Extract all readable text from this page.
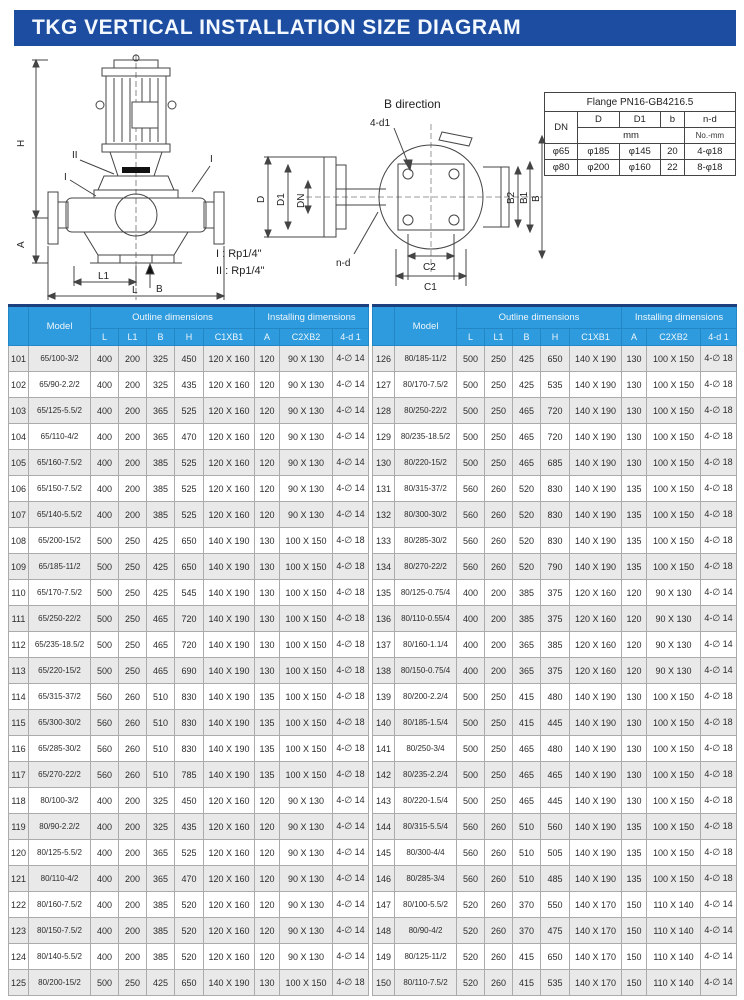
TKG VERTICAL INSTALLATION SIZE DIAGRAM
H
A
L1
B
L
II
I
I
B direction
D D1 DN
4-d1
n-d	C2
C1
B2 B1 B
I : Rp1/4"
II : Rp1/4"
Flange PN16-GB4216.5				
DN	D	D1	b	n-d
	mm			No.-mm
φ65	φ185	φ145	20	4-φ18
φ80	φ200	φ160	22	8-φ18
	Model	Outline dimensions					Installing dimensions		
		L	L1	B	H	C1XB1	A	C2XB2	4-d 1
101	65/100-3/2	400	200	325	450	120 X 160	120	90 X 130	4-∅ 14
102	65/90-2.2/2	400	200	325	435	120 X 160	120	90 X 130	4-∅ 14
103	65/125-5.5/2	400	200	365	525	120 X 160	120	90 X 130	4-∅ 14
104	65/110-4/2	400	200	365	470	120 X 160	120	90 X 130	4-∅ 14
105	65/160-7.5/2	400	200	385	525	120 X 160	120	90 X 130	4-∅ 14
106	65/150-7.5/2	400	200	385	525	120 X 160	120	90 X 130	4-∅ 14
107	65/140-5.5/2	400	200	385	525	120 X 160	120	90 X 130	4-∅ 14
108	65/200-15/2	500	250	425	650	140 X 190	130	100 X 150	4-∅ 18
109	65/185-11/2	500	250	425	650	140 X 190	130	100 X 150	4-∅ 18
110	65/170-7.5/2	500	250	425	545	140 X 190	130	100 X 150	4-∅ 18
111	65/250-22/2	500	250	465	720	140 X 190	130	100 X 150	4-∅ 18
112	65/235-18.5/2	500	250	465	720	140 X 190	130	100 X 150	4-∅ 18
113	65/220-15/2	500	250	465	690	140 X 190	130	100 X 150	4-∅ 18
114	65/315-37/2	560	260	510	830	140 X 190	135	100 X 150	4-∅ 18
115	65/300-30/2	560	260	510	830	140 X 190	135	100 X 150	4-∅ 18
116	65/285-30/2	560	260	510	830	140 X 190	135	100 X 150	4-∅ 18
117	65/270-22/2	560	260	510	785	140 X 190	135	100 X 150	4-∅ 18
118	80/100-3/2	400	200	325	450	120 X 160	120	90 X 130	4-∅ 14
119	80/90-2.2/2	400	200	325	435	120 X 160	120	90 X 130	4-∅ 14
120	80/125-5.5/2	400	200	365	525	120 X 160	120	90 X 130	4-∅ 14
121	80/110-4/2	400	200	365	470	120 X 160	120	90 X 130	4-∅ 14
122	80/160-7.5/2	400	200	385	520	120 X 160	120	90 X 130	4-∅ 14
123	80/150-7.5/2	400	200	385	520	120 X 160	120	90 X 130	4-∅ 14
124	80/140-5.5/2	400	200	385	520	120 X 160	120	90 X 130	4-∅ 14
125	80/200-15/2	500	250	425	650	140 X 190	130	100 X 150	4-∅ 18
	Model	Outline dimensions					Installing dimensions		
		L	L1	B	H	C1XB1	A	C2XB2	4-d 1
126	80/185-11/2	500	250	425	650	140 X 190	130	100 X 150	4-∅ 18
127	80/170-7.5/2	500	250	425	535	140 X 190	130	100 X 150	4-∅ 18
128	80/250-22/2	500	250	465	720	140 X 190	130	100 X 150	4-∅ 18
129	80/235-18.5/2	500	250	465	720	140 X 190	130	100 X 150	4-∅ 18
130	80/220-15/2	500	250	465	685	140 X 190	130	100 X 150	4-∅ 18
131	80/315-37/2	560	260	520	830	140 X 190	135	100 X 150	4-∅ 18
132	80/300-30/2	560	260	520	830	140 X 190	135	100 X 150	4-∅ 18
133	80/285-30/2	560	260	520	830	140 X 190	135	100 X 150	4-∅ 18
134	80/270-22/2	560	260	520	790	140 X 190	135	100 X 150	4-∅ 18
135	80/125-0.75/4	400	200	385	375	120 X 160	120	90 X 130	4-∅ 14
136	80/110-0.55/4	400	200	385	375	120 X 160	120	90 X 130	4-∅ 14
137	80/160-1.1/4	400	200	365	385	120 X 160	120	90 X 130	4-∅ 14
138	80/150-0.75/4	400	200	365	375	120 X 160	120	90 X 130	4-∅ 14
139	80/200-2.2/4	500	250	415	480	140 X 190	130	100 X 150	4-∅ 18
140	80/185-1.5/4	500	250	415	445	140 X 190	130	100 X 150	4-∅ 18
141	80/250-3/4	500	250	465	480	140 X 190	130	100 X 150	4-∅ 18
142	80/235-2.2/4	500	250	465	465	140 X 190	130	100 X 150	4-∅ 18
143	80/220-1.5/4	500	250	465	445	140 X 190	130	100 X 150	4-∅ 18
144	80/315-5.5/4	560	260	510	560	140 X 190	135	100 X 150	4-∅ 18
145	80/300-4/4	560	260	510	505	140 X 190	135	100 X 150	4-∅ 18
146	80/285-3/4	560	260	510	485	140 X 190	135	100 X 150	4-∅ 18
147	80/100-5.5/2	520	260	370	550	140 X 170	150	110 X 140	4-∅ 14
148	80/90-4/2	520	260	370	475	140 X 170	150	110 X 140	4-∅ 14
149	80/125-11/2	520	260	415	650	140 X 170	150	110 X 140	4-∅ 14
150	80/110-7.5/2	520	260	415	535	140 X 170	150	110 X 140	4-∅ 14
